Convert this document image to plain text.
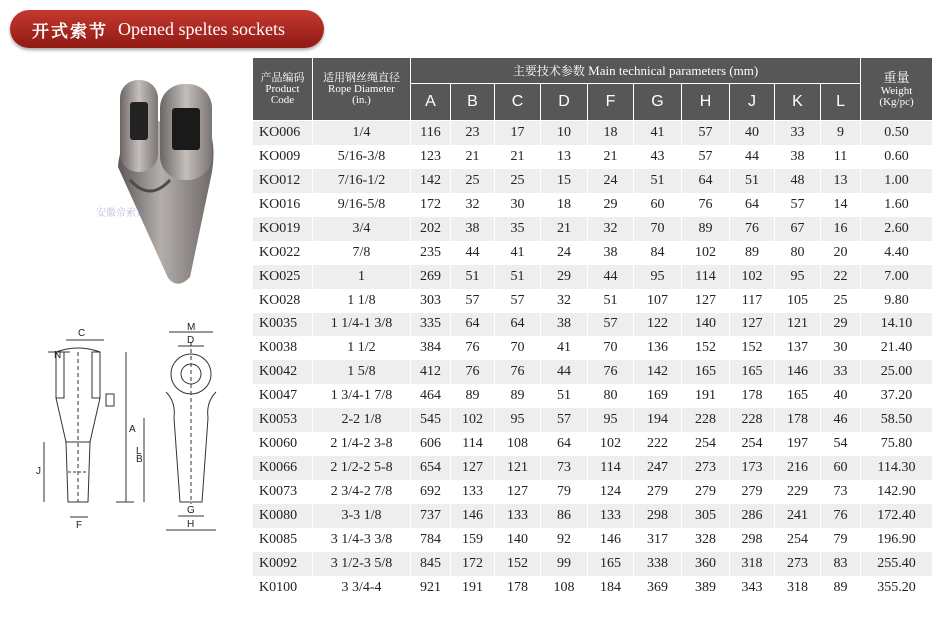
开式索节 Opened speltes sockets
安徽帝索具
C
N
A
L
J
F
M
D
G
B
H
产品编码
Product
Code	适用钢丝绳直径
Rope Diameter
(in.)	主要技术参数 Main technical parameters (mm)										重量
Weight
(Kg/pc)

		A	B	C	D	F	G	H	J	K	L	
KO006	1/4	116	23	17	10	18	41	57	40	33	9	0.50
KO009	5/16-3/8	123	21	21	13	21	43	57	44	38	11	0.60
KO012	7/16-1/2	142	25	25	15	24	51	64	51	48	13	1.00
KO016	9/16-5/8	172	32	30	18	29	60	76	64	57	14	1.60
KO019	3/4	202	38	35	21	32	70	89	76	67	16	2.60
KO022	7/8	235	44	41	24	38	84	102	89	80	20	4.40
KO025	1	269	51	51	29	44	95	114	102	95	22	7.00
KO028	1 1/8	303	57	57	32	51	107	127	117	105	25	9.80
K0035	1 1/4-1 3/8	335	64	64	38	57	122	140	127	121	29	14.10
K0038	1 1/2	384	76	70	41	70	136	152	152	137	30	21.40
K0042	1 5/8	412	76	76	44	76	142	165	165	146	33	25.00
K0047	1 3/4-1 7/8	464	89	89	51	80	169	191	178	165	40	37.20
K0053	2-2 1/8	545	102	95	57	95	194	228	228	178	46	58.50
K0060	2 1/4-2 3-8	606	114	108	64	102	222	254	254	197	54	75.80
K0066	2 1/2-2 5-8	654	127	121	73	114	247	273	173	216	60	114.30
K0073	2 3/4-2 7/8	692	133	127	79	124	279	279	279	229	73	142.90
K0080	3-3 1/8	737	146	133	86	133	298	305	286	241	76	172.40
K0085	3 1/4-3 3/8	784	159	140	92	146	317	328	298	254	79	196.90
K0092	3 1/2-3 5/8	845	172	152	99	165	338	360	318	273	83	255.40
K0100	3 3/4-4	921	191	178	108	184	369	389	343	318	89	355.20
